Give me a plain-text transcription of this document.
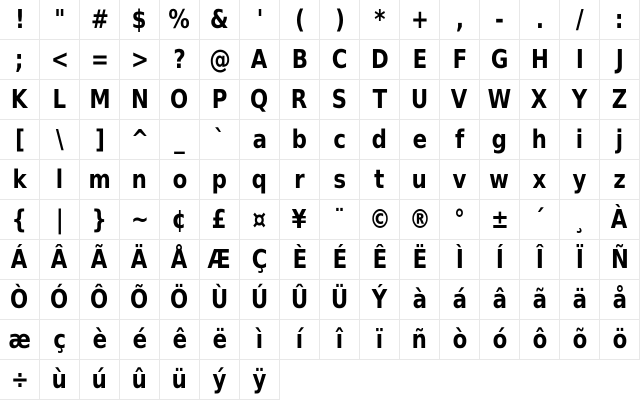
!	" # $ % &	'	(	)	* +	,	-	.	/	:
;	< = > ? @ A B C D E F G H	I	J
K L M N O P Q R S T U V W X Y Z
[	\	]	^ _	`	a b	c	d e	f	g h	i	j
k	l m n o p q	r	s	t	u v w x	y	z
{	|	} ~ ¢ £ ¤ ¥	¨ © ® ° ± ´	¸	À
Á Â Ã Ä Å Æ Ç È É Ê Ë	Ì	Í	Î	Ï	Ñ
Ò Ó Ô Õ Ö Ù Ú Û Ü Ý à á â ã ä å
æ ç	è é ê ë	ì	í	î	ï	ñ ò ó ô õ ö
÷ ù ú û ü ý	ÿ
